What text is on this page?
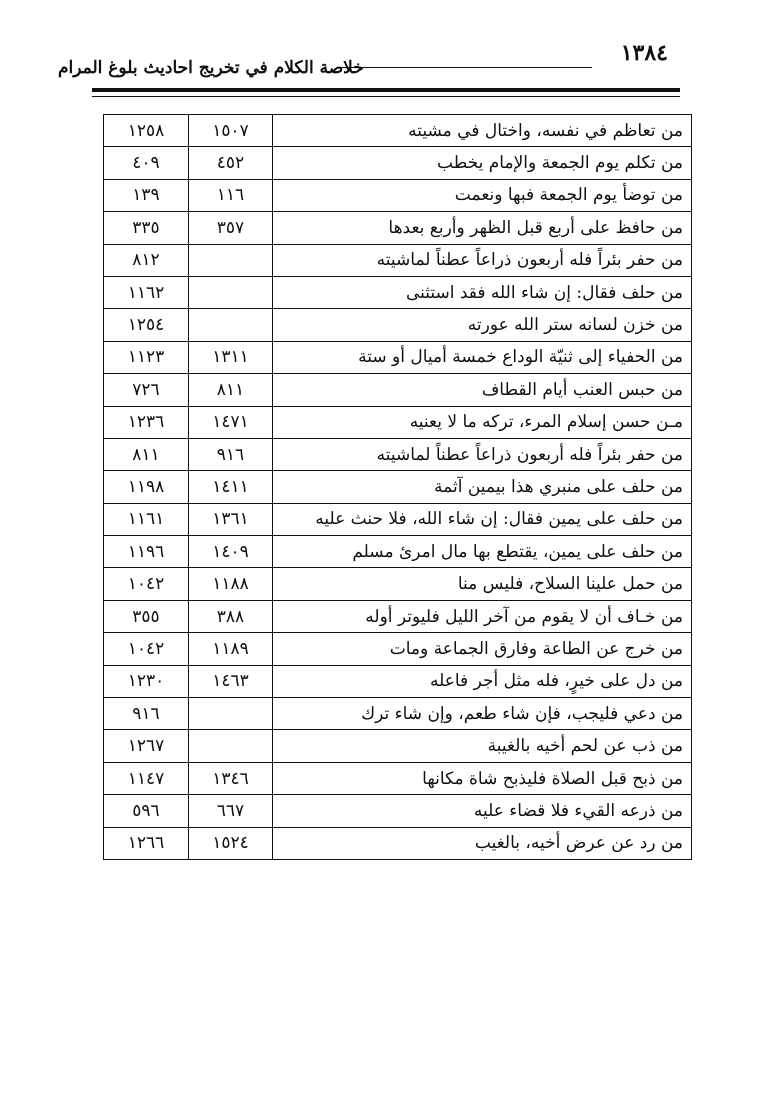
١٣٨٤
خلاصة الكلام في تخريج احاديث بلوغ المرام
من تعاظم في نفسه، واختال في مشيته	١٥٠٧	١٢٥٨
من تكلم يوم الجمعة والإمام يخطب	٤٥٢	٤٠٩
من توضأ يوم الجمعة فبها ونعمت	١١٦	١٣٩
من حافظ على أربع قبل الظهر وأربع بعدها	٣٥٧	٣٣٥
من حفر بئراً فله أربعون ذراعاً عطناً لماشيته		٨١٢
من حلف فقال: إن شاء الله فقد استثنى		١١٦٢
من خزن لسانه ستر الله عورته		١٢٥٤
من الحفياء إلى ثنيّة الوداع خمسة أميال أو ستة	١٣١١	١١٢٣
من حبس العنب أيام القطاف	٨١١	٧٢٦
مـن حسن إسلام المرء، تركه ما لا يعنيه	١٤٧١	١٢٣٦
من حفر بئراً فله أربعون ذراعاً عطناً لماشيته	٩١٦	٨١١
من حلف على منبري هذا بيمين آثمة	١٤١١	١١٩٨
من حلف على يمين فقال: إن شاء الله، فلا حنث عليه	١٣٦١	١١٦١
من حلف على يمين، يقتطع بها مال امرئ مسلم	١٤٠٩	١١٩٦
من حمل علينا السلاح، فليس منا	١١٨٨	١٠٤٢
من خـاف أن لا يقوم من آخر الليل فليوتر أوله	٣٨٨	٣٥٥
من خرج عن الطاعة وفارق الجماعة ومات	١١٨٩	١٠٤٢
من دل على خيرٍ، فله مثل أجر فاعله	١٤٦٣	١٢٣٠
من دعي فليجب، فإن شاء طعم، وإن شاء ترك		٩١٦
من ذب عن لحم أخيه بالغيبة		١٢٦٧
من ذبح قبل الصلاة فليذبح شاة مكانها	١٣٤٦	١١٤٧
من ذرعه القيء فلا قضاء عليه	٦٦٧	٥٩٦
من رد عن عرض أخيه، بالغيب	١٥٢٤	١٢٦٦
